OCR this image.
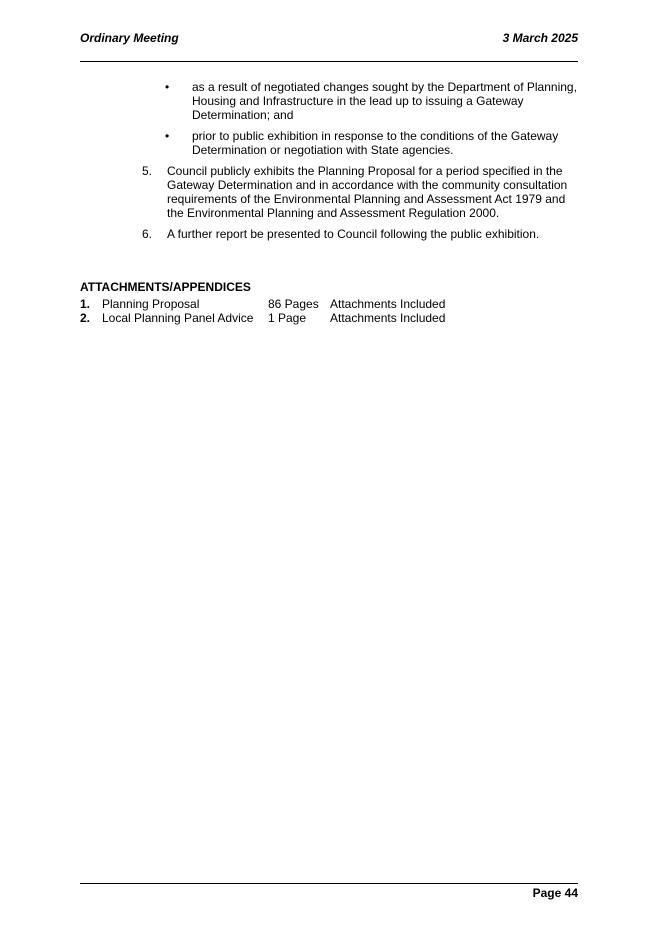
Ordinary Meeting	3 March 2025
• as a result of negotiated changes sought by the Department of Planning, Housing and Infrastructure in the lead up to issuing a Gateway Determination; and
• prior to public exhibition in response to the conditions of the Gateway Determination or negotiation with State agencies.
5. Council publicly exhibits the Planning Proposal for a period specified in the Gateway Determination and in accordance with the community consultation requirements of the Environmental Planning and Assessment Act 1979 and the Environmental Planning and Assessment Regulation 2000.
6. A further report be presented to Council following the public exhibition.
ATTACHMENTS/APPENDICES
1. Planning Proposal	86 Pages Attachments Included
2. Local Planning Panel Advice 1 Page Attachments Included
Page 44
